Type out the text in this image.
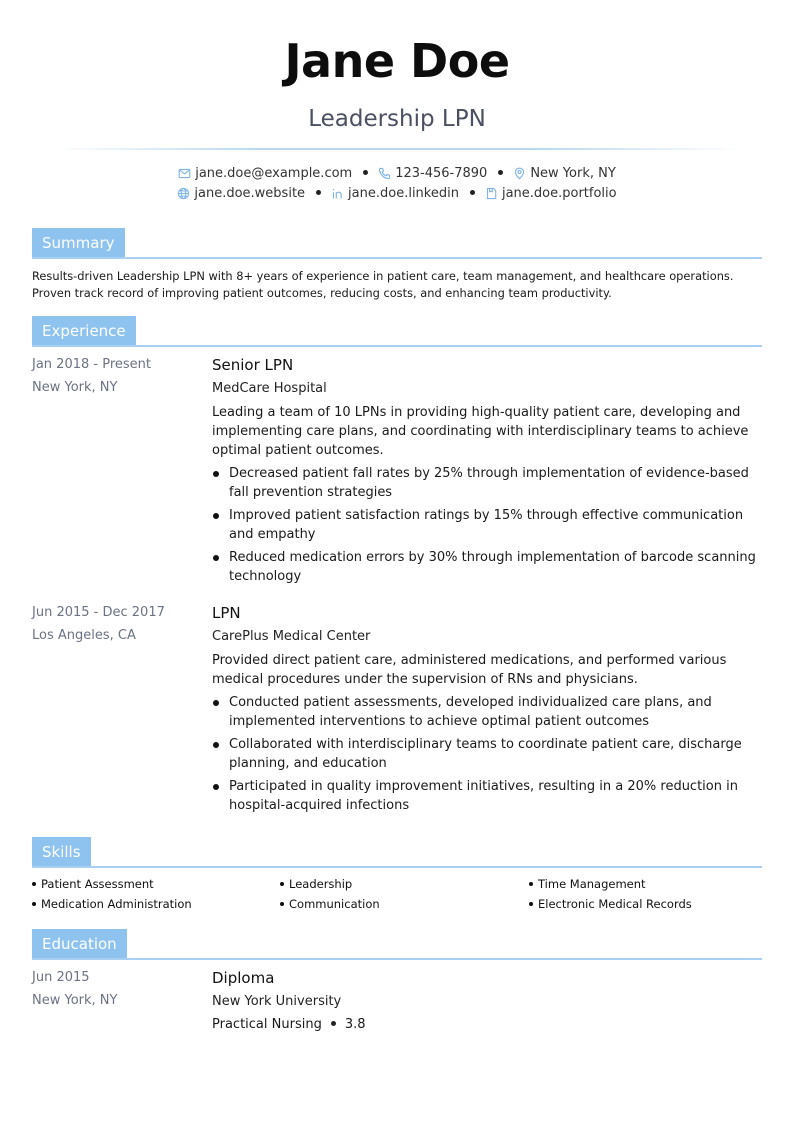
Jane Doe
Leadership LPN
jane.doe@example.com	123-456-7890	New York, NY
jane.doe.website	jane.doe.linkedin	jane.doe.portfolio
Summary
Results-driven Leadership LPN with 8+ years of experience in patient care, team management, and healthcare operations. Proven track record of improving patient outcomes, reducing costs, and enhancing team productivity.
Experience
Jan 2018 - Present
New York, NY
Senior LPN
MedCare Hospital
Leading a team of 10 LPNs in providing high-quality patient care, developing and implementing care plans, and coordinating with interdisciplinary teams to achieve optimal patient outcomes.
Decreased patient fall rates by 25% through implementation of evidence-based fall prevention strategies
Improved patient satisfaction ratings by 15% through effective communication and empathy
Reduced medication errors by 30% through implementation of barcode scanning technology
Jun 2015 - Dec 2017
Los Angeles, CA
LPN
CarePlus Medical Center
Provided direct patient care, administered medications, and performed various medical procedures under the supervision of RNs and physicians.
Conducted patient assessments, developed individualized care plans, and implemented interventions to achieve optimal patient outcomes
Collaborated with interdisciplinary teams to coordinate patient care, discharge planning, and education
Participated in quality improvement initiatives, resulting in a 20% reduction in hospital-acquired infections
Skills
Patient Assessment	Leadership	Time Management
Medication Administration	Communication	Electronic Medical Records
Education
Jun 2015
New York, NY
Diploma
New York University
Practical Nursing 3.8
